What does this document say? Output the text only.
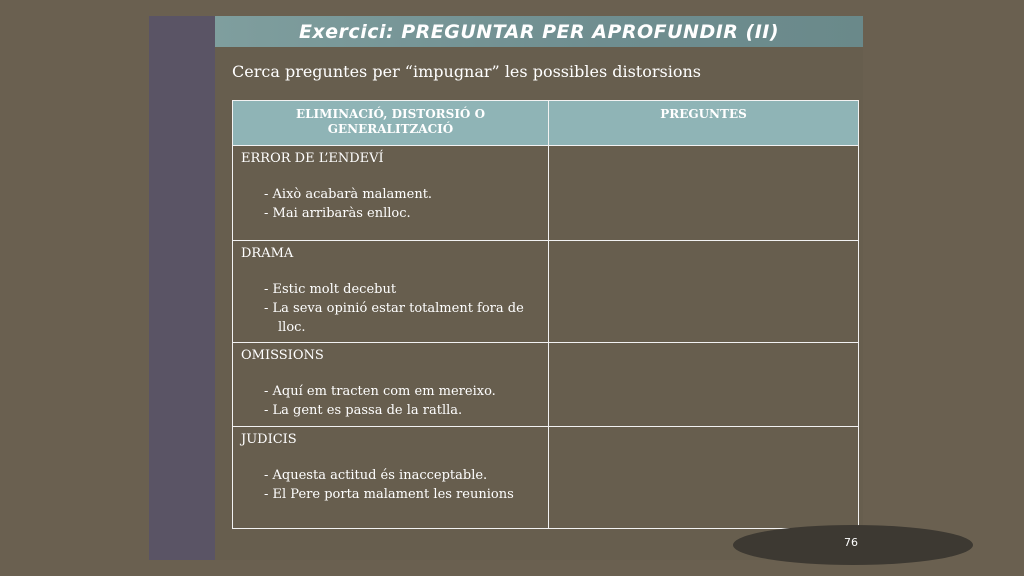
Exercici: PREGUNTAR PER APROFUNDIR (II)
Cerca preguntes per “impugnar” les possibles distorsions
ELIMINACIÓ, DISTORSIÓ O GENERALITZACIÓ	PREGUNTES

ERROR DE L’ENDEVÍ
- Això acabarà malament.
- Mai arribaràs enlloc.	

DRAMA
- Estic molt decebut
- La seva opinió estar totalment fora de lloc.	

OMISSIONS
- Aquí em tracten com em mereixo.
- La gent es passa de la ratlla.	

JUDICIS
- Aquesta actitud és inacceptable.
- El Pere porta malament les reunions	

76
